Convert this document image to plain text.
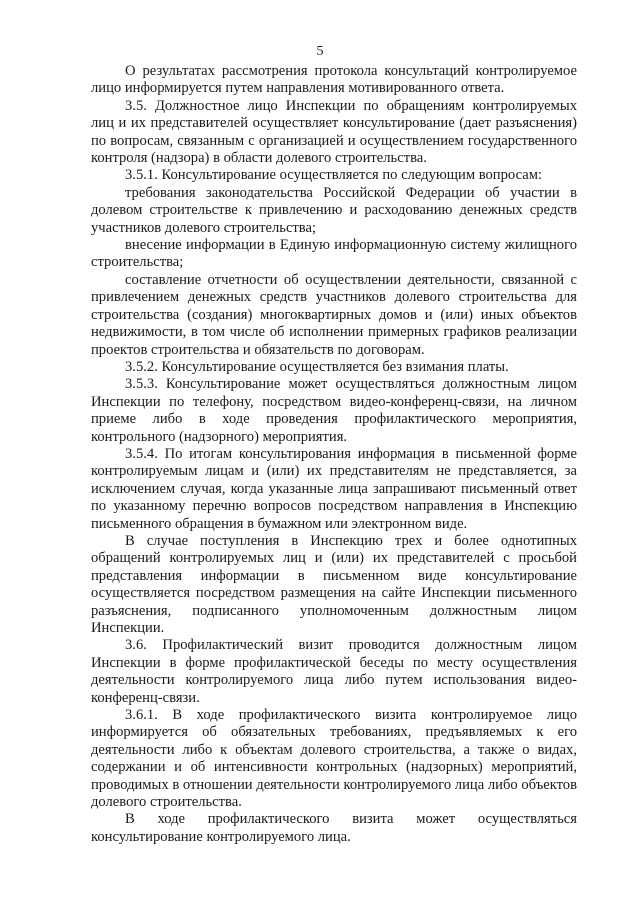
5

О результатах рассмотрения протокола консультаций контролируемое лицо информируется путем направления мотивированного ответа.

3.5. Должностное лицо Инспекции по обращениям контролируемых лиц и их представителей осуществляет консультирование (дает разъяснения) по вопросам, связанным с организацией и осуществлением государственного контроля (надзора) в области долевого строительства.

3.5.1. Консультирование осуществляется по следующим вопросам:

требования законодательства Российской Федерации об участии в долевом строительстве к привлечению и расходованию денежных средств участников долевого строительства;

внесение информации в Единую информационную систему жилищного строительства;

составление отчетности об осуществлении деятельности, связанной с привлечением денежных средств участников долевого строительства для строительства (создания) многоквартирных домов и (или) иных объектов недвижимости, в том числе об исполнении примерных графиков реализации проектов строительства и обязательств по договорам.

3.5.2. Консультирование осуществляется без взимания платы.

3.5.3. Консультирование может осуществляться должностным лицом Инспекции по телефону, посредством видео-конференц-связи, на личном приеме либо в ходе проведения профилактического мероприятия, контрольного (надзорного) мероприятия.

3.5.4. По итогам консультирования информация в письменной форме контролируемым лицам и (или) их представителям не представляется, за исключением случая, когда указанные лица запрашивают письменный ответ по указанному перечню вопросов посредством направления в Инспекцию письменного обращения в бумажном или электронном виде.

В случае поступления в Инспекцию трех и более однотипных обращений контролируемых лиц и (или) их представителей с просьбой представления информации в письменном виде консультирование осуществляется посредством размещения на сайте Инспекции письменного разъяснения, подписанного уполномоченным должностным лицом Инспекции.

3.6. Профилактический визит проводится должностным лицом Инспекции в форме профилактической беседы по месту осуществления деятельности контролируемого лица либо путем использования видео-конференц-связи.

3.6.1. В ходе профилактического визита контролируемое лицо информируется об обязательных требованиях, предъявляемых к его деятельности либо к объектам долевого строительства, а также о видах, содержании и об интенсивности контрольных (надзорных) мероприятий, проводимых в отношении деятельности контролируемого лица либо объектов долевого строительства.

В ходе профилактического визита может осуществляться консультирование контролируемого лица.
